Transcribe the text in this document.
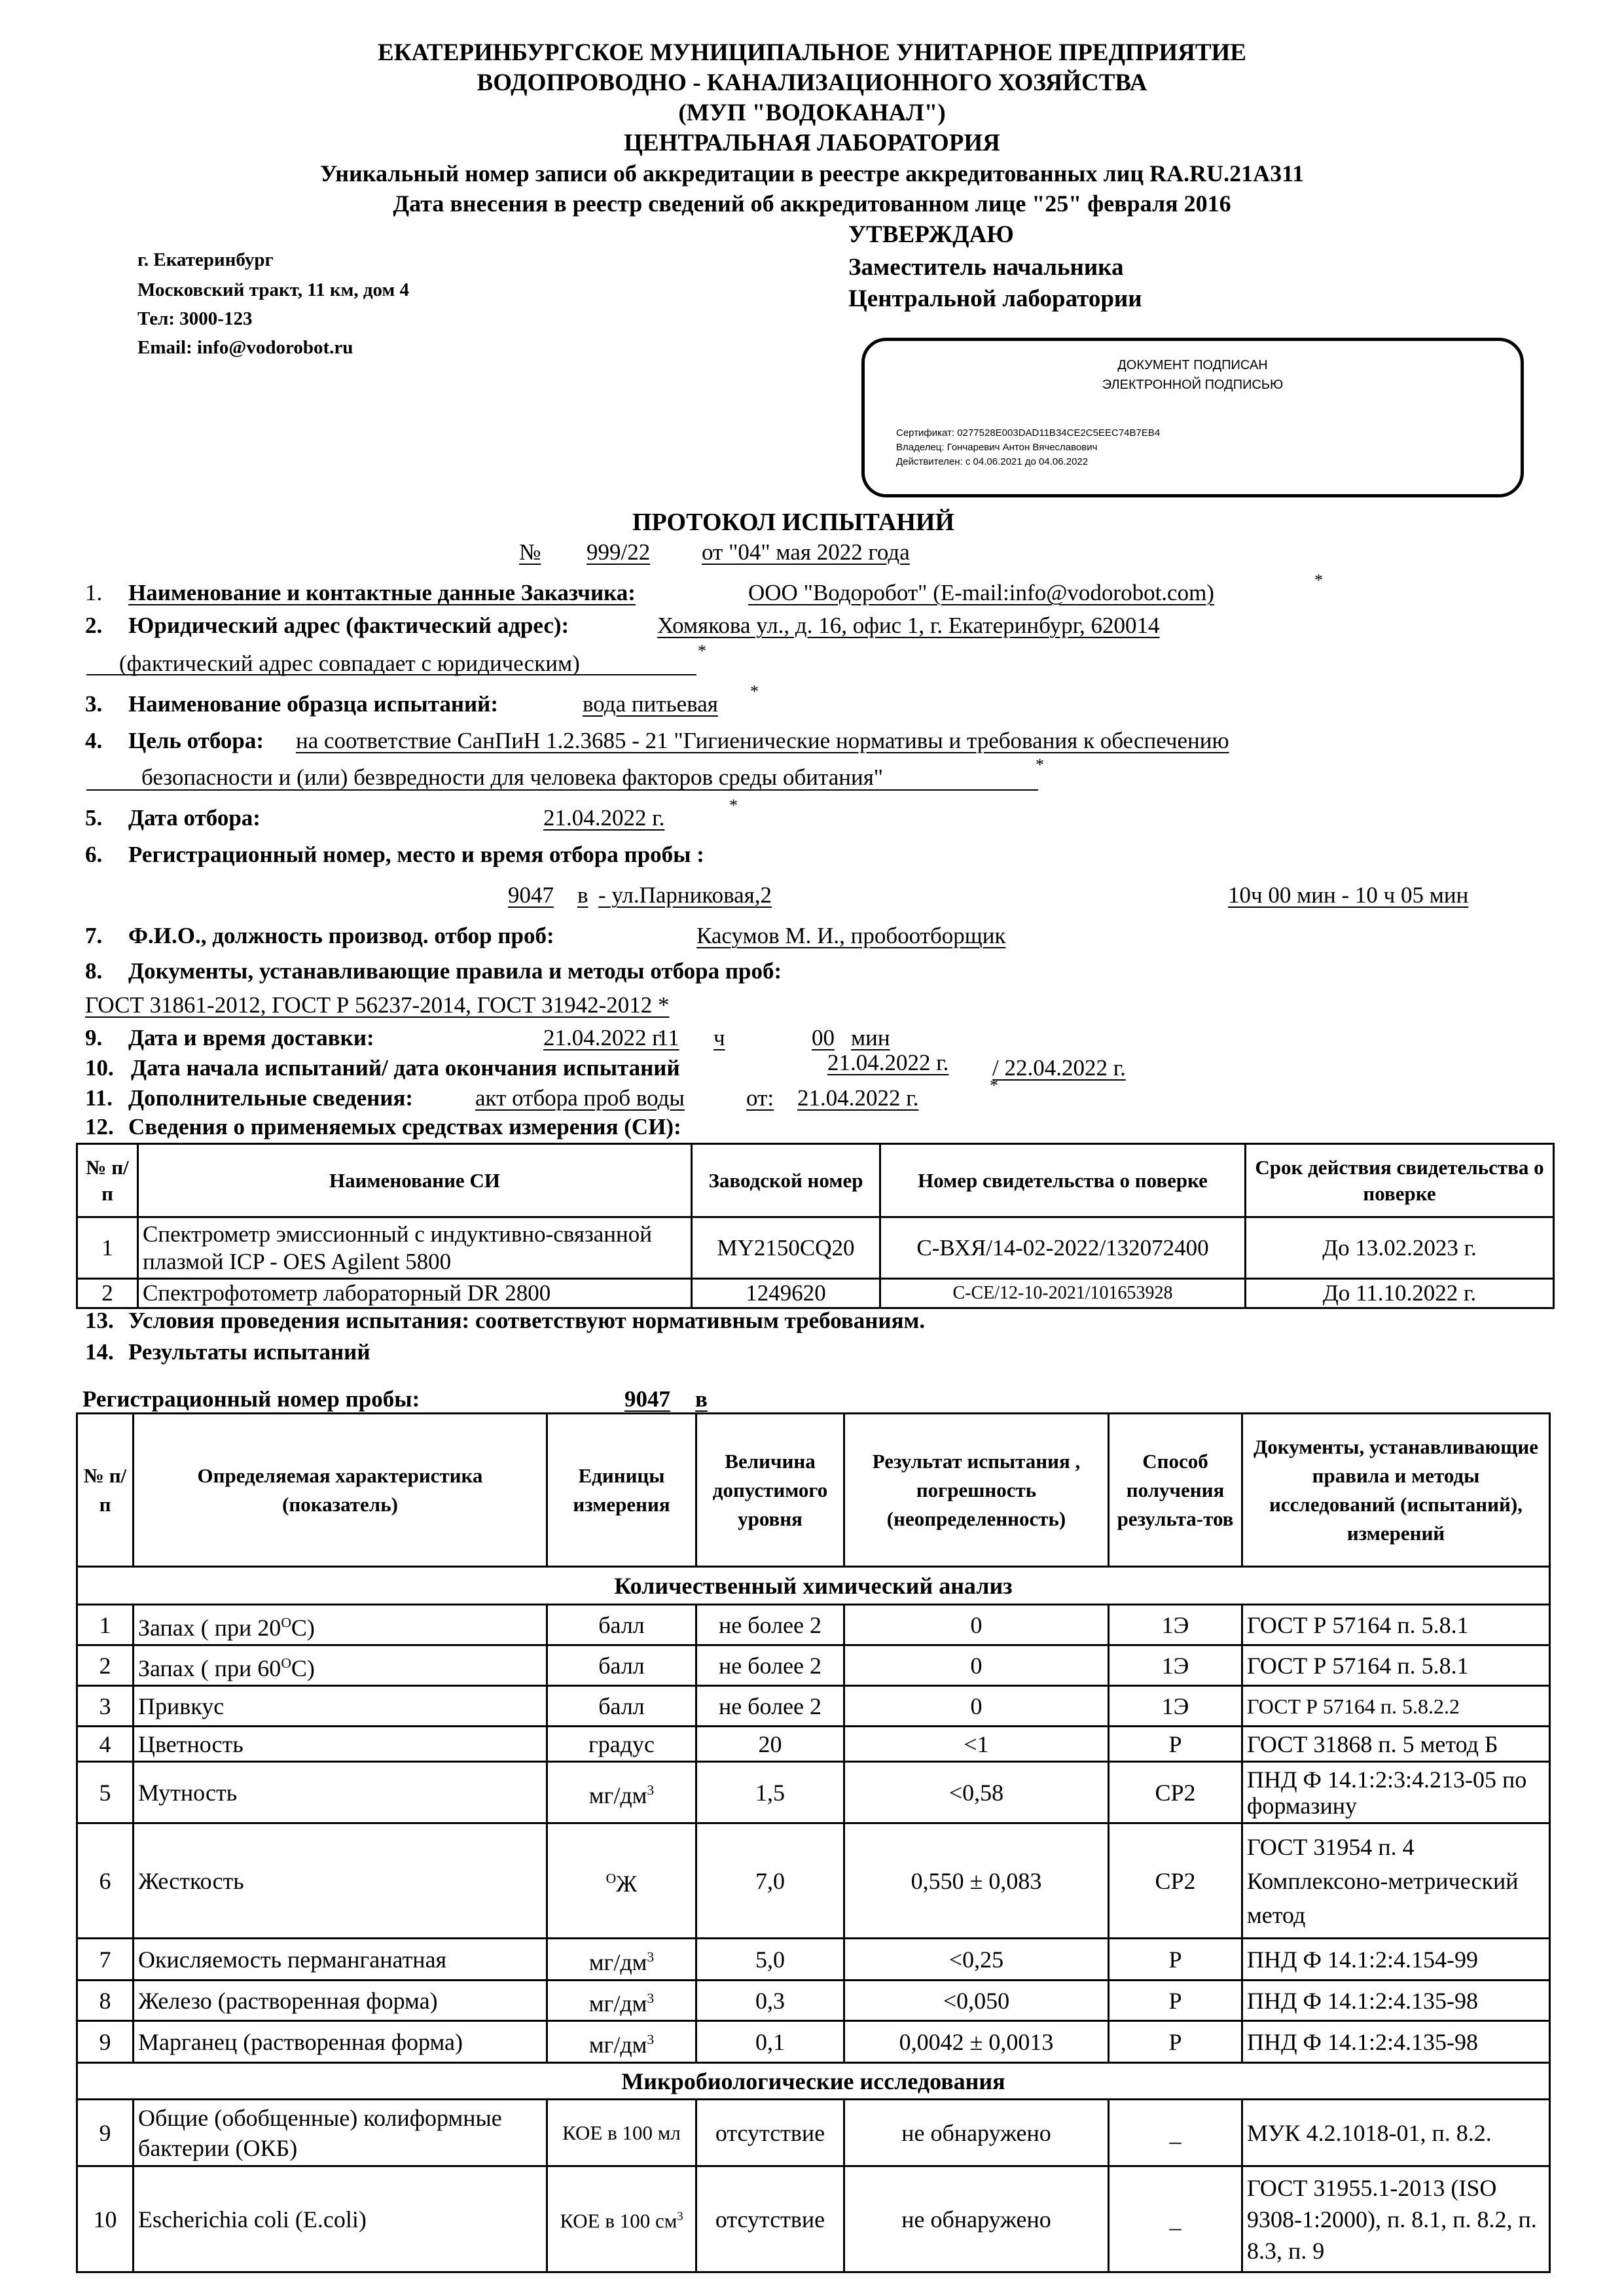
ЕКАТЕРИНБУРГСКОЕ МУНИЦИПАЛЬНОЕ УНИТАРНОЕ ПРЕДПРИЯТИЕ
ВОДОПРОВОДНО - КАНАЛИЗАЦИОННОГО ХОЗЯЙСТВА
(МУП "ВОДОКАНАЛ")
ЦЕНТРАЛЬНАЯ ЛАБОРАТОРИЯ
Уникальный номер записи об аккредитации в реестре аккредитованных лиц RA.RU.21А311
Дата внесения в реестр сведений об аккредитованном лице "25" февраля 2016
г. Екатеринбург
Московский тракт, 11 км, дом 4
Тел: 3000-123
Email: info@vodorobot.ru
УТВЕРЖДАЮ
Заместитель начальника
Центральной лаборатории
ДОКУМЕНТ ПОДПИСАН
ЭЛЕКТРОННОЙ ПОДПИСЬЮ
Сертификат: 0277528E003DAD11B34CE2C5EEC74B7EB4
Владелец: Гончаревич Антон Вячеславович
Действителен: с 04.06.2021 до 04.06.2022
ПРОТОКОЛ ИСПЫТАНИЙ
№ 999/22 от "04" мая 2022 года
1. Наименование и контактные данные Заказчика:	ООО "Водоробот" (E-mail:info@vodorobot.com)	*
2. Юридический адрес (фактический адрес):	Хомякова ул., д. 16, офис 1, г. Екатеринбург, 620014
(фактический адрес совпадает с юридическим)	*
3. Наименование образца испытаний:	вода питьевая *
4. Цель отбора: на соответствие СанПиН 1.2.3685 - 21 "Гигиенические нормативы и требования к обеспечению
безопасности и (или) безвредности для человека факторов среды обитания"	*
5. Дата отбора:	21.04.2022 г.	*
6. Регистрационный номер, место и время отбора пробы :
9047 в - ул.Парниковая,2	10ч 00 мин - 10 ч 05 мин
7. Ф.И.О., должность производ. отбор проб:	Касумов М. И., пробоотборщик
8. Документы, устанавливающие правила и методы отбора проб:
ГОСТ 31861-2012, ГОСТ Р 56237-2014, ГОСТ 31942-2012 *
9. Дата и время доставки:	21.04.2022 г
11 ч	00 мин
10. Дата начала испытаний/ дата окончания испытаний	21.04.2022 г. / 22.04.2022 г.
11. Дополнительные сведения:	акт отбора проб воды	от: 21.04.2022 г.	*
12. Сведения о применяемых средствах измерения (СИ):
№ п/п	Наименование СИ	Заводской номер	Номер свидетельства о поверке	Срок действия свидетельства о поверке
1	Спектрометр эмиссионный с индуктивно-связанной плазмой ICP - OES Agilent 5800	MY2150CQ20	С-ВХЯ/14-02-2022/132072400	До 13.02.2023 г.
2	Спектрофотометр лабораторный DR 2800	1249620	С-СЕ/12-10-2021/101653928	До 11.10.2022 г.
13. Условия проведения испытания: соответствуют нормативным требованиям.
14. Результаты испытаний
Регистрационный номер пробы:	9047 в
№ п/п	Определяемая характеристика (показатель)	Единицы измерения	Величина допустимого уровня	Результат испытания , погрешность (неопределенность)	Способ получения результа-тов	Документы, устанавливающие правила и методы исследований (испытаний), измерений
Количественный химический анализ						
1	Запах ( при $20^OС$)	балл	не более 2	0	1Э	ГОСТ Р 57164 п. 5.8.1
2	Запах ( при $60^OС$)	балл	не более 2	0	1Э	ГОСТ Р 57164 п. 5.8.1
3	Привкус	балл	не более 2	0	1Э	ГОСТ Р 57164 п. 5.8.2.2
4	Цветность	градус	20	<1	Р	ГОСТ 31868 п. 5 метод Б
5	Мутность	$мг/дм^3$	1,5	<0,58	СР2	ПНД Ф 14.1:2:3:4.213-05 по формазину
6	Жесткость	$^O$Ж	7,0	0,550 ± 0,083	СР2	ГОСТ 31954 п. 4 Комплексоно-метрический метод
7	Окисляемость перманганатная	$мг/дм^3$	5,0	<0,25	Р	ПНД Ф 14.1:2:4.154-99
8	Железо (растворенная форма)	$мг/дм^3$	0,3	<0,050	Р	ПНД Ф 14.1:2:4.135-98
9	Марганец (растворенная форма)	$мг/дм^3$	0,1	0,0042 ± 0,0013	Р	ПНД Ф 14.1:2:4.135-98
Микробиологические исследования						
9	Общие (обобщенные) колиформные бактерии (ОКБ)	КОЕ в 100 мл	отсутствие	не обнаружено	_	МУК 4.2.1018-01, п. 8.2.
10	Escherichia coli (E.coli)	КОЕ в 100 $см^3$	отсутствие	не обнаружено	_	ГОСТ 31955.1-2013 (ISO 9308-1:2000), п. 8.1, п. 8.2, п. 8.3, п. 9
